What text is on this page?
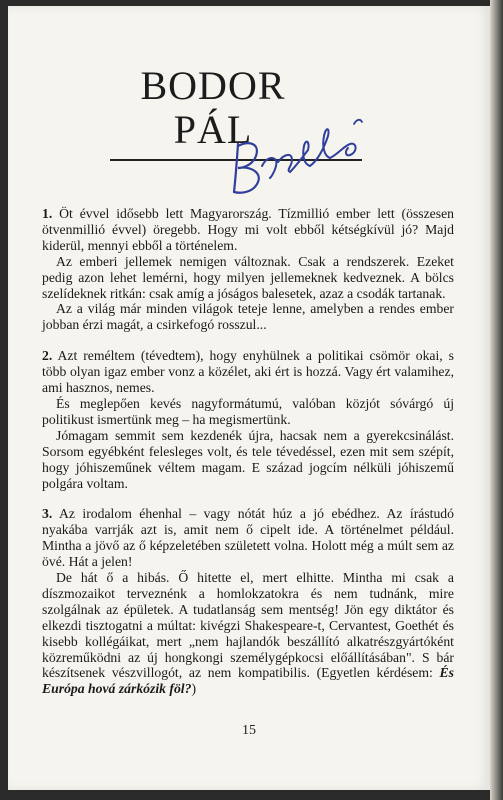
BODOR
PÁL

1. Öt évvel idősebb lett Magyarország. Tízmillió ember lett (összesen ötvenmillió évvel) öregebb. Hogy mi volt ebből kétségkívül jó? Majd kiderül, mennyi ebből a történelem.

Az emberi jellemek nemigen változnak. Csak a rendszerek. Ezeket pedig azon lehet lemérni, hogy milyen jellemeknek kedveznek. A bölcs szelídeknek ritkán: csak amíg a jóságos balesetek, azaz a csodák tartanak.

Az a világ már minden világok teteje lenne, amelyben a rendes ember jobban érzi magát, a csirkefogó rosszul...

2. Azt reméltem (tévedtem), hogy enyhülnek a politikai csömör okai, s több olyan igaz ember vonz a közélet, aki ért is hozzá. Vagy ért valamihez, ami hasznos, nemes.

És meglepően kevés nagyformátumú, valóban közjót sóvárgó új politikust ismertünk meg – ha megismertünk.

Jómagam semmit sem kezdenék újra, hacsak nem a gyerekcsinálást. Sorsom egyébként felesleges volt, és tele tévedéssel, ezen mit sem szépít, hogy jóhiszeműnek véltem magam. E század jogcím nélküli jóhiszemű polgára voltam.

3. Az irodalom éhenhal – vagy nótát húz a jó ebédhez. Az írástudó nyakába varrják azt is, amit nem ő cipelt ide. A történelmet például. Mintha a jövő az ő képzeletében született volna. Holott még a múlt sem az övé. Hát a jelen!

De hát ő a hibás. Ő hitette el, mert elhitte. Mintha mi csak a díszmozaikot terveznénk a homlokzatokra és nem tudnánk, mire szolgálnak az épületek. A tudatlanság sem mentség! Jön egy diktátor és elkezdi tisztogatni a múltat: kivégzi Shakespeare-t, Cervantest, Goethét és kisebb kollégáikat, mert „nem hajlandók beszállító alkatrészgyártóként közreműködni az új hongkongi személygépkocsi előállításában". S bár készítsenek vészvillogót, az nem kompatibilis. (Egyetlen kérdésem: És Európa hová zárkózik föl?)

15
